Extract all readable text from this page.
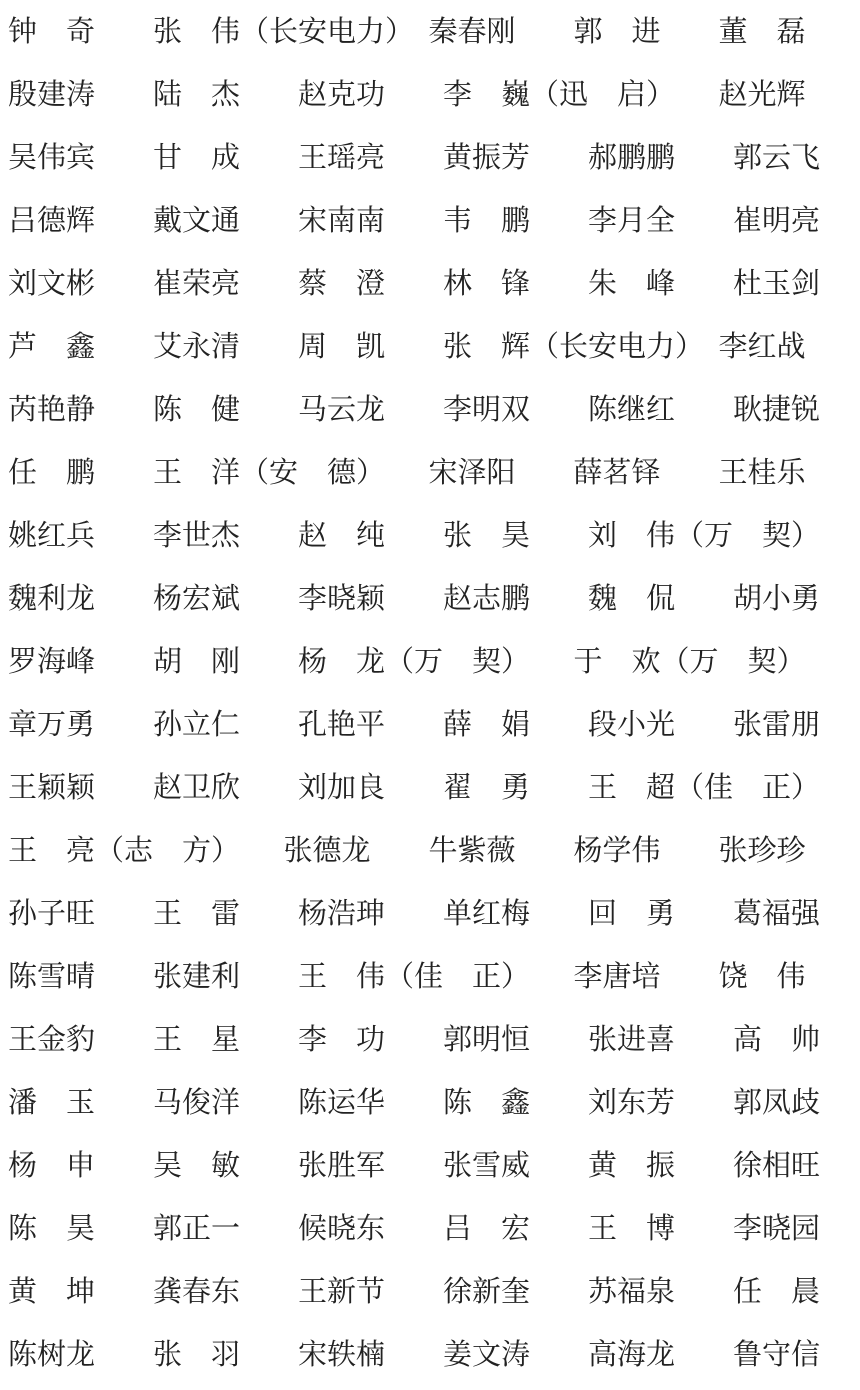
钟　奇　　张　伟（长安电力）　秦春刚　　郭　进　　董　磊

殷建涛　　陆　杰　　赵克功　　李　巍（迅　启）　　赵光辉

吴伟宾　　甘　成　　王瑶亮　　黄振芳　　郝鹏鹏　　郭云飞

吕德辉　　戴文通　　宋南南　　韦　鹏　　李月全　　崔明亮

刘文彬　　崔荣亮　　蔡　澄　　林　锋　　朱　峰　　杜玉剑

芦　鑫　　艾永清　　周　凯　　张　辉（长安电力）　李红战

芮艳静　　陈　健　　马云龙　　李明双　　陈继红　　耿捷锐

任　鹏　　王　洋（安　德）　　宋泽阳　　薛茗铎　　王桂乐

姚红兵　　李世杰　　赵　纯　　张　昊　　刘　伟（万　契）

魏利龙　　杨宏斌　　李晓颖　　赵志鹏　　魏　侃　　胡小勇

罗海峰　　胡　刚　　杨　龙（万　契）　　于　欢（万　契）

章万勇　　孙立仁　　孔艳平　　薛　娟　　段小光　　张雷朋

王颖颖　　赵卫欣　　刘加良　　翟　勇　　王　超（佳　正）

王　亮（志　方）　　张德龙　　牛紫薇　　杨学伟　　张珍珍

孙子旺　　王　雷　　杨浩珅　　单红梅　　回　勇　　葛福强

陈雪晴　　张建利　　王　伟（佳　正）　　李唐培　　饶　伟

王金豹　　王　星　　李　功　　郭明恒　　张进喜　　高　帅

潘　玉　　马俊洋　　陈运华　　陈　鑫　　刘东芳　　郭凤歧

杨　申　　吴　敏　　张胜军　　张雪威　　黄　振　　徐相旺

陈　昊　　郭正一　　候晓东　　吕　宏　　王　博　　李晓园

黄　坤　　龚春东　　王新节　　徐新奎　　苏福泉　　任　晨

陈树龙　　张　羽　　宋轶楠　　姜文涛　　高海龙　　鲁守信
